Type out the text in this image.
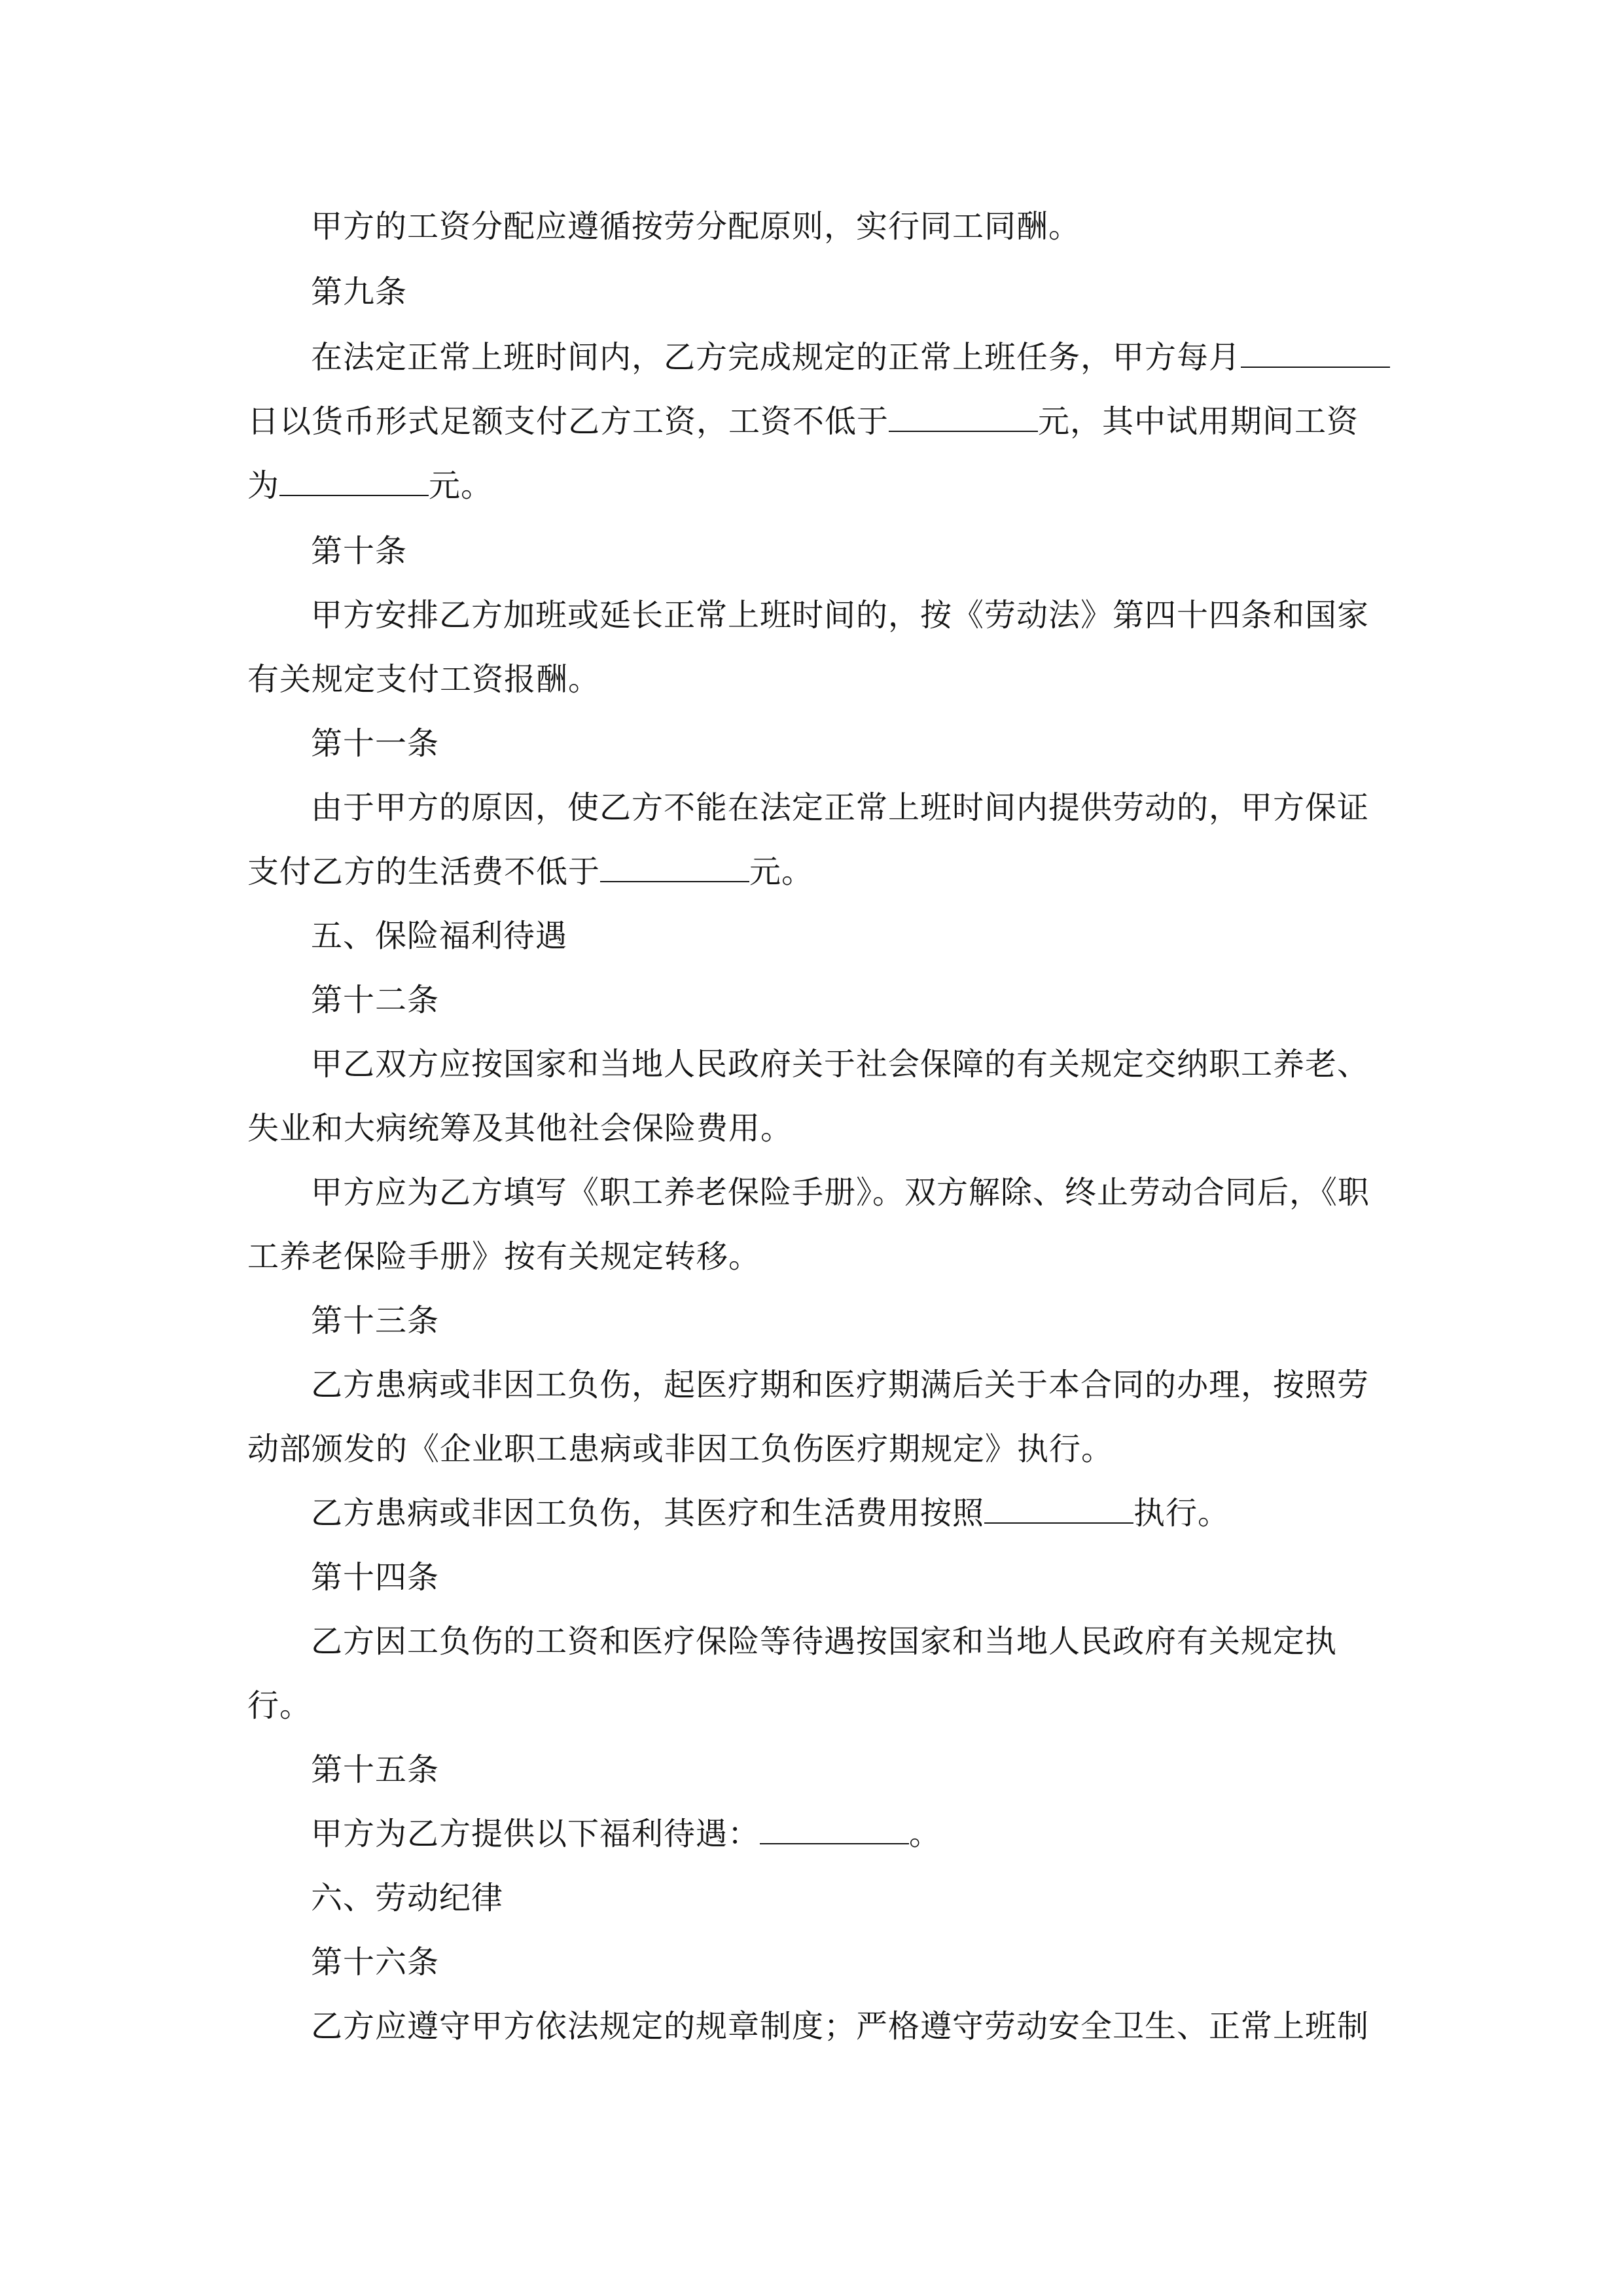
甲方的工资分配应遵循按劳分配原则，实行同工同酬。
第九条
在法定正常上班时间内，乙方完成规定的正常上班任务，甲方每月
日以货币形式足额支付乙方工资，工资不低于	元，其中试用期间工资
为	元。
第十条
甲方安排乙方加班或延长正常上班时间的，按《劳动法》第四十四条和国家
有关规定支付工资报酬。
第十一条
由于甲方的原因，使乙方不能在法定正常上班时间内提供劳动的，甲方保证
支付乙方的生活费不低于	元。
五、保险福利待遇
第十二条
甲乙双方应按国家和当地人民政府关于社会保障的有关规定交纳职工养老、
失业和大病统筹及其他社会保险费用。
甲方应为乙方填写《职工养老保险手册》。双方解除、终止劳动合同后，《职
工养老保险手册》按有关规定转移。
第十三条
乙方患病或非因工负伤，起医疗期和医疗期满后关于本合同的办理，按照劳
动部颁发的《企业职工患病或非因工负伤医疗期规定》执行。
乙方患病或非因工负伤，其医疗和生活费用按照	执行。
第十四条
乙方因工负伤的工资和医疗保险等待遇按国家和当地人民政府有关规定执
行。
第十五条
甲方为乙方提供以下福利待遇：	。
六、劳动纪律
第十六条
乙方应遵守甲方依法规定的规章制度；严格遵守劳动安全卫生、正常上班制
